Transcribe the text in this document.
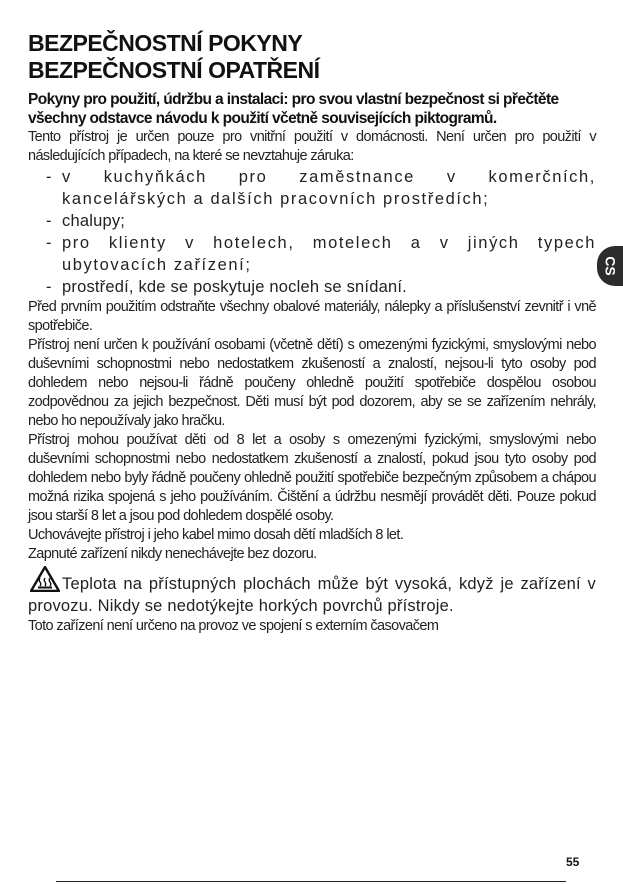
BEZPEČNOSTNÍ POKYNY
BEZPEČNOSTNÍ OPATŘENÍ
Pokyny pro použití, údržbu a instalaci: pro svou vlastní bezpečnost si přečtěte všechny odstavce návodu k použití včetně souvisejících piktogramů.

Tento přístroj je určen pouze pro vnitřní použití v domácnosti. Není určen pro použití v následujících případech, na které se nevztahuje záruka:

- v kuchyňkách pro zaměstnance v komerčních, kancelářských a dalších pracovních prostředích;
- chalupy;
- pro klienty v hotelech, motelech a v jiných typech ubytovacích zařízení;
- prostředí, kde se poskytuje nocleh se snídaní.

Před prvním použitím odstraňte všechny obalové materiály, nálepky a příslušenství zevnitř i vně spotřebiče.

Přístroj není určen k používání osobami (včetně dětí) s omezenými fyzickými, smyslovými nebo duševními schopnostmi nebo nedostatkem zkušeností a znalostí, nejsou-li tyto osoby pod dohledem nebo nejsou-li řádně poučeny ohledně použití spotřebiče dospělou osobou zodpovědnou za jejich bezpečnost. Děti musí být pod dozorem, aby se se zařízením nehrály, nebo ho nepoužívaly jako hračku.

Přístroj mohou používat děti od 8 let a osoby s omezenými fyzickými, smyslovými nebo duševními schopnostmi nebo nedostatkem zkušeností a znalostí, pokud jsou tyto osoby pod dohledem nebo byly řádně poučeny ohledně použití spotřebiče bezpečným způsobem a chápou možná rizika spojená s jeho používáním. Čištění a údržbu nesmějí provádět děti. Pouze pokud jsou starší 8 let a jsou pod dohledem dospělé osoby.

Uchovávejte přístroj i jeho kabel mimo dosah dětí mladších 8 let.

Zapnuté zařízení nikdy nenechávejte bez dozoru.

Teplota na přístupných plochách může být vysoká, když je zařízení v provozu. Nikdy se nedotýkejte horkých povrchů přístroje.

Toto zařízení není určeno na provoz ve spojení s externím časovačem

CS
55
